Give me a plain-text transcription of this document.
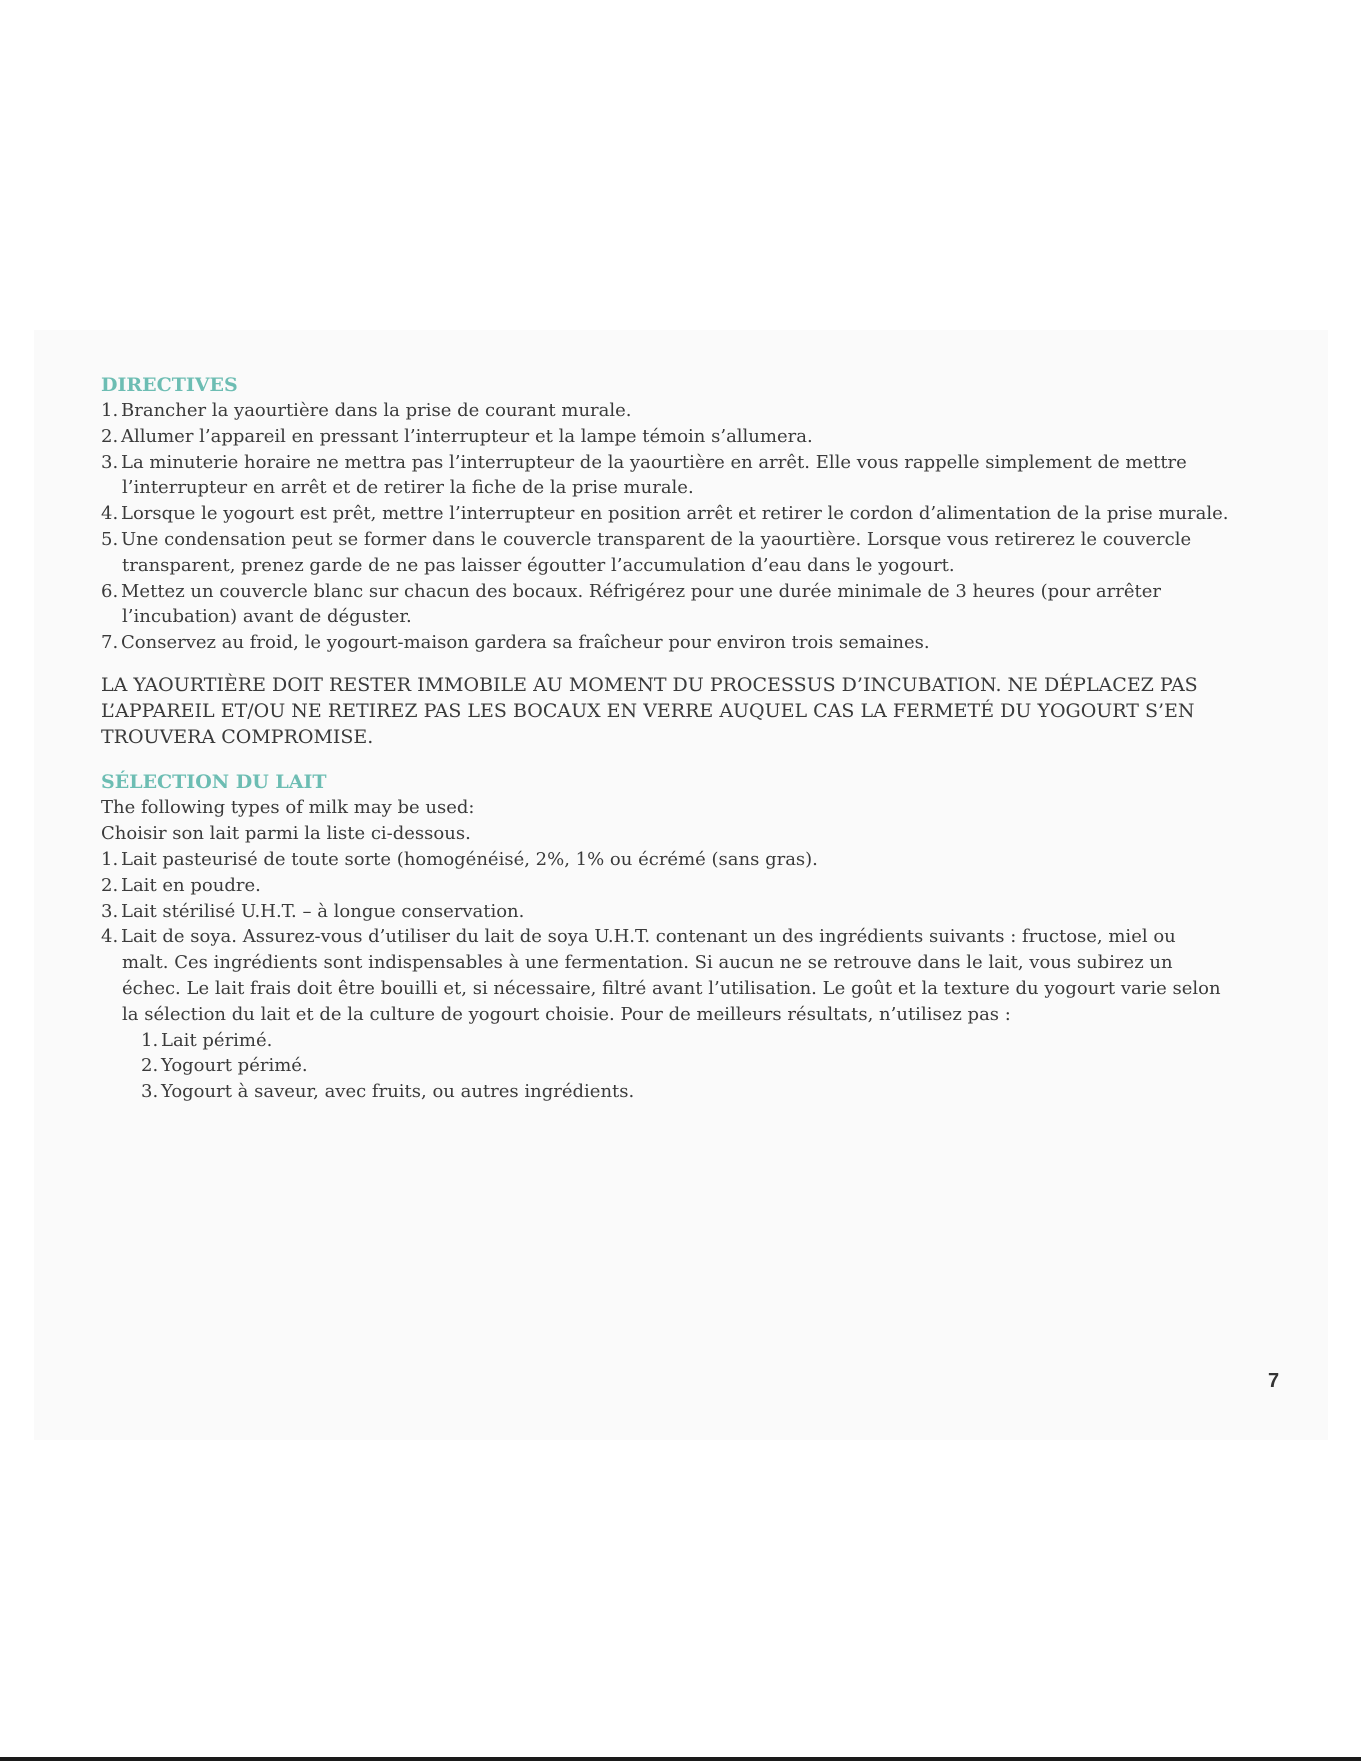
DIRECTIVES

1. Brancher la yaourtière dans la prise de courant murale.

2. Allumer l’appareil en pressant l’interrupteur et la lampe témoin s’allumera.

3. La minuterie horaire ne mettra pas l’interrupteur de la yaourtière en arrêt. Elle vous rappelle simplement de mettre

l’interrupteur en arrêt et de retirer la fiche de la prise murale.

4. Lorsque le yogourt est prêt, mettre l’interrupteur en position arrêt et retirer le cordon d’alimentation de la prise murale.

5. Une condensation peut se former dans le couvercle transparent de la yaourtière. Lorsque vous retirerez le couvercle

transparent, prenez garde de ne pas laisser égoutter l’accumulation d’eau dans le yogourt.

6. Mettez un couvercle blanc sur chacun des bocaux. Réfrigérez pour une durée minimale de 3 heures (pour arrêter

l’incubation) avant de déguster.

7. Conservez au froid, le yogourt-maison gardera sa fraîcheur pour environ trois semaines.

LA YAOURTIÈRE DOIT RESTER IMMOBILE AU MOMENT DU PROCESSUS D’INCUBATION. NE DÉPLACEZ PAS

L’APPAREIL ET/OU NE RETIREZ PAS LES BOCAUX EN VERRE AUQUEL CAS LA FERMETÉ DU YOGOURT S’EN

TROUVERA COMPROMISE.

SÉLECTION DU LAIT

The following types of milk may be used:

Choisir son lait parmi la liste ci-dessous.

1. Lait pasteurisé de toute sorte (homogénéisé, 2%, 1% ou écrémé (sans gras).

2. Lait en poudre.

3. Lait stérilisé U.H.T. – à longue conservation.

4. Lait de soya. Assurez-vous d’utiliser du lait de soya U.H.T. contenant un des ingrédients suivants : fructose, miel ou

malt. Ces ingrédients sont indispensables à une fermentation. Si aucun ne se retrouve dans le lait, vous subirez un

échec. Le lait frais doit être bouilli et, si nécessaire, filtré avant l’utilisation. Le goût et la texture du yogourt varie selon

la sélection du lait et de la culture de yogourt choisie. Pour de meilleurs résultats, n’utilisez pas :

1. Lait périmé.

2. Yogourt périmé.

3. Yogourt à saveur, avec fruits, ou autres ingrédients.

7
